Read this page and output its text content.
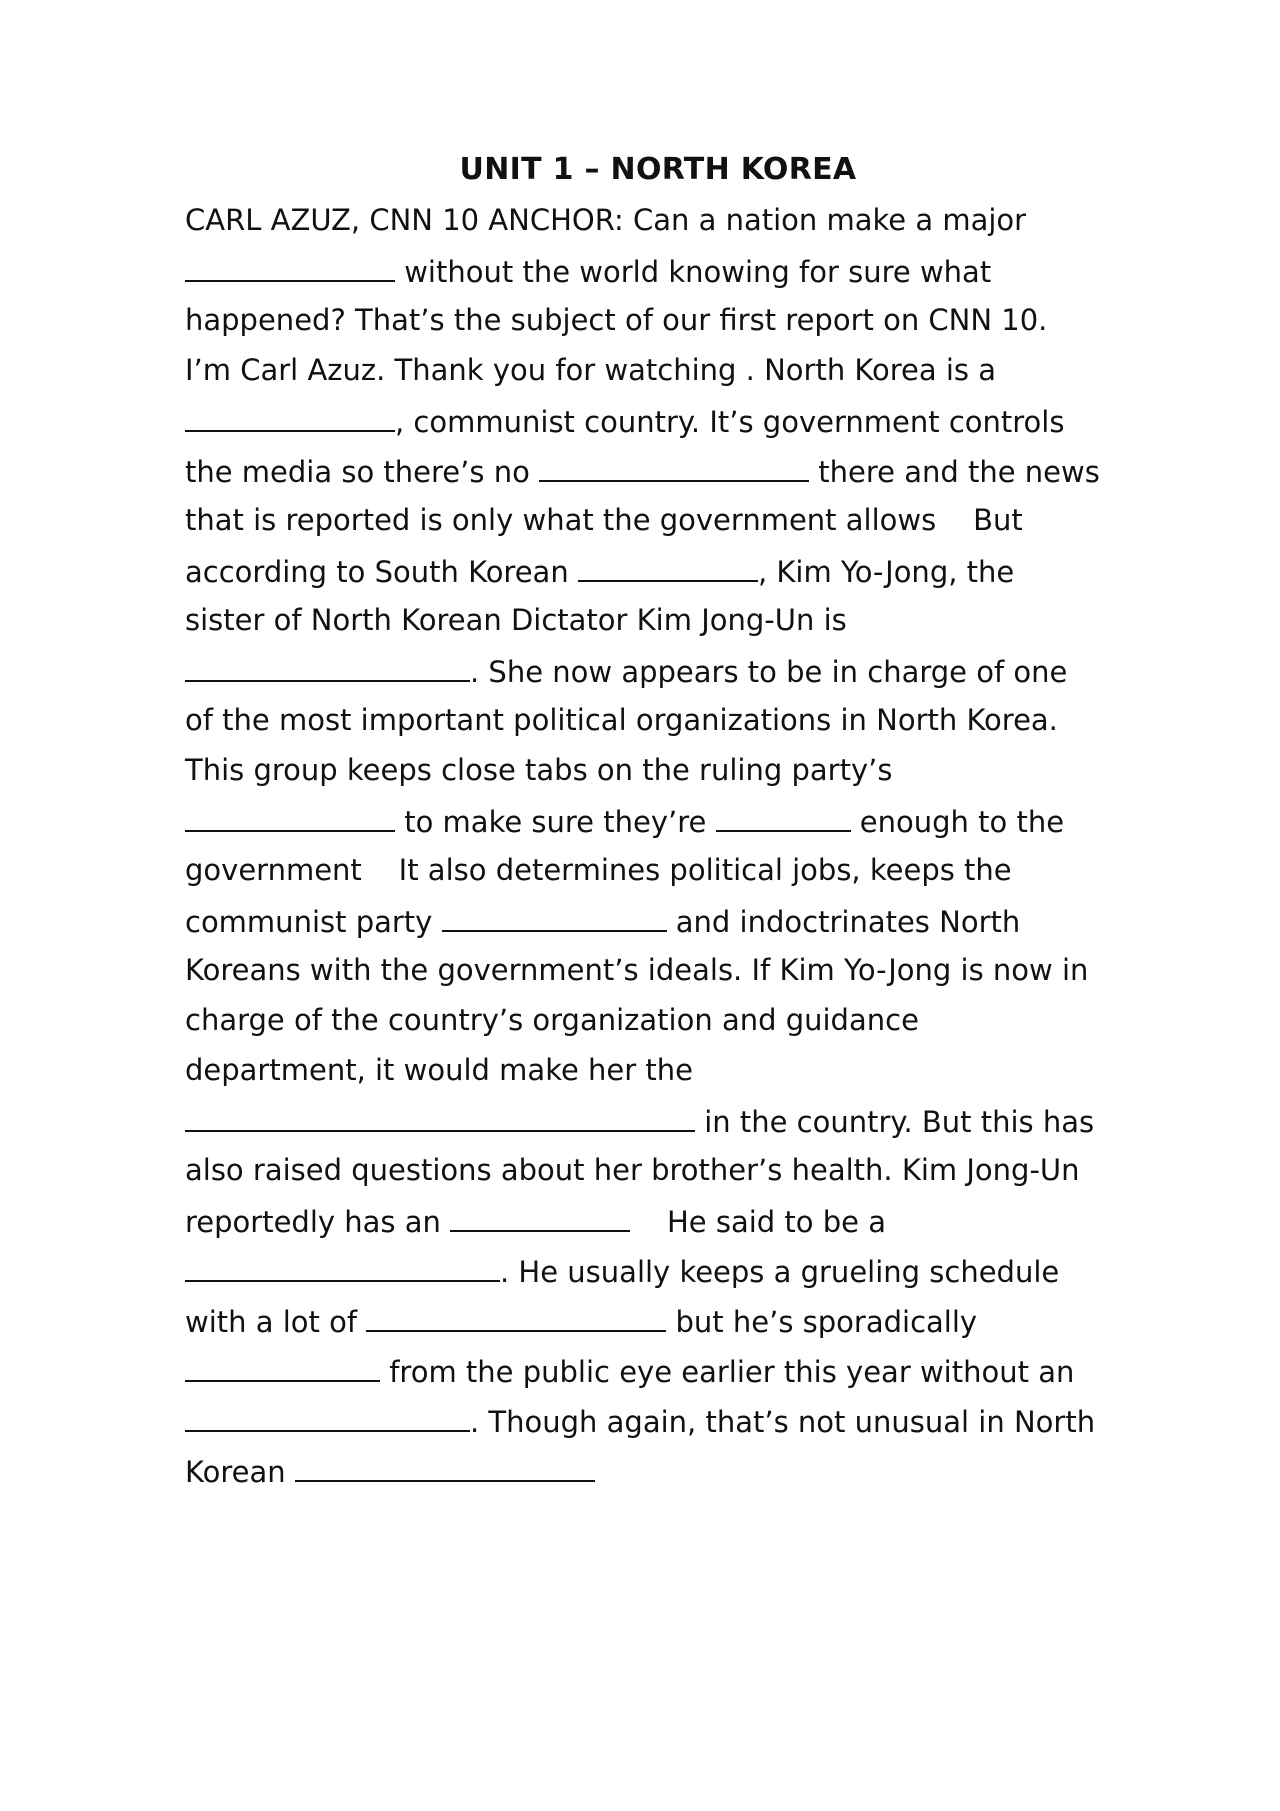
UNIT 1 – NORTH KOREA
CARL AZUZ, CNN 10 ANCHOR: Can a nation make a major
without the world knowing for sure what
happened? That’s the subject of our first report on CNN 10.
I’m Carl Azuz. Thank you for watching . North Korea is a
, communist country. It’s government controls
the media so there’s no	there and the news
that is reported is only what the government allows    But
according to South Korean	, Kim Yo-Jong, the
sister of North Korean Dictator Kim Jong-Un is
. She now appears to be in charge of one
of the most important political organizations in North Korea.
This group keeps close tabs on the ruling party’s
to make sure they’re	enough to the
government    It also determines political jobs, keeps the
communist party	and indoctrinates North
Koreans with the government’s ideals. If Kim Yo-Jong is now in
charge of the country’s organization and guidance
department, it would make her the
in the country. But this has
also raised questions about her brother’s health. Kim Jong-Un
reportedly has an	He said to be a
. He usually keeps a grueling schedule
with a lot of	but he’s sporadically
from the public eye earlier this year without an
. Though again, that’s not unusual in North
Korean
